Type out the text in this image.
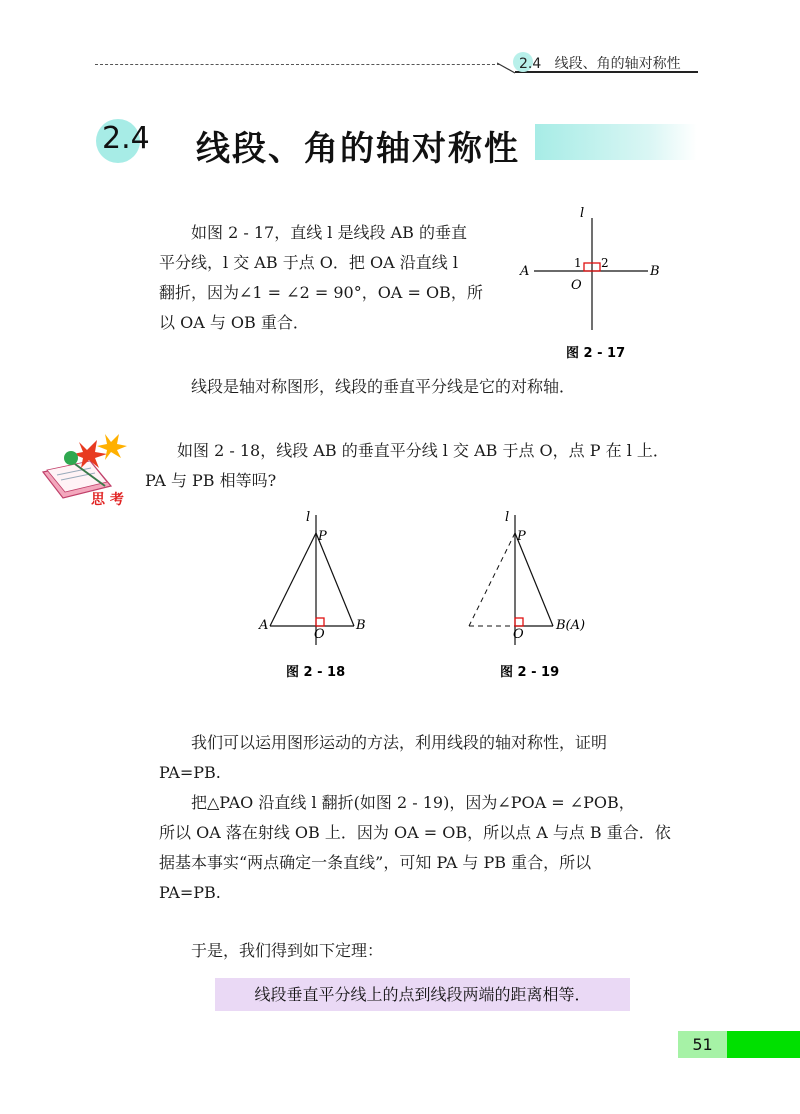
2.4 线段、角的轴对称性
2.4 线段、角的轴对称性

如图 2 - 17，直线 l 是线段 AB 的垂直

平分线，l 交 AB 于点 O．把 OA 沿直线 l

翻折，因为∠1 = ∠2 = 90°，OA = OB，所

以 OA 与 OB 重合．

l
A	B
O
1 2
图 2 - 17

线段是轴对称图形，线段的垂直平分线是它的对称轴．

思 考

如图 2 - 18，线段 AB 的垂直平分线 l 交 AB 于点 O，点 P 在 l 上．

PA 与 PB 相等吗?

l
P
A	B
O
图 2 - 18
l
P
B(A)
O
图 2 - 19

我们可以运用图形运动的方法，利用线段的轴对称性，证明

PA=PB.

把△PAO 沿直线 l 翻折(如图 2 - 19)，因为∠POA = ∠POB，

所以 OA 落在射线 OB 上．因为 OA = OB，所以点 A 与点 B 重合．依

据基本事实“两点确定一条直线”，可知 PA 与 PB 重合，所以

PA=PB.

于是，我们得到如下定理：

线段垂直平分线上的点到线段两端的距离相等．
51
